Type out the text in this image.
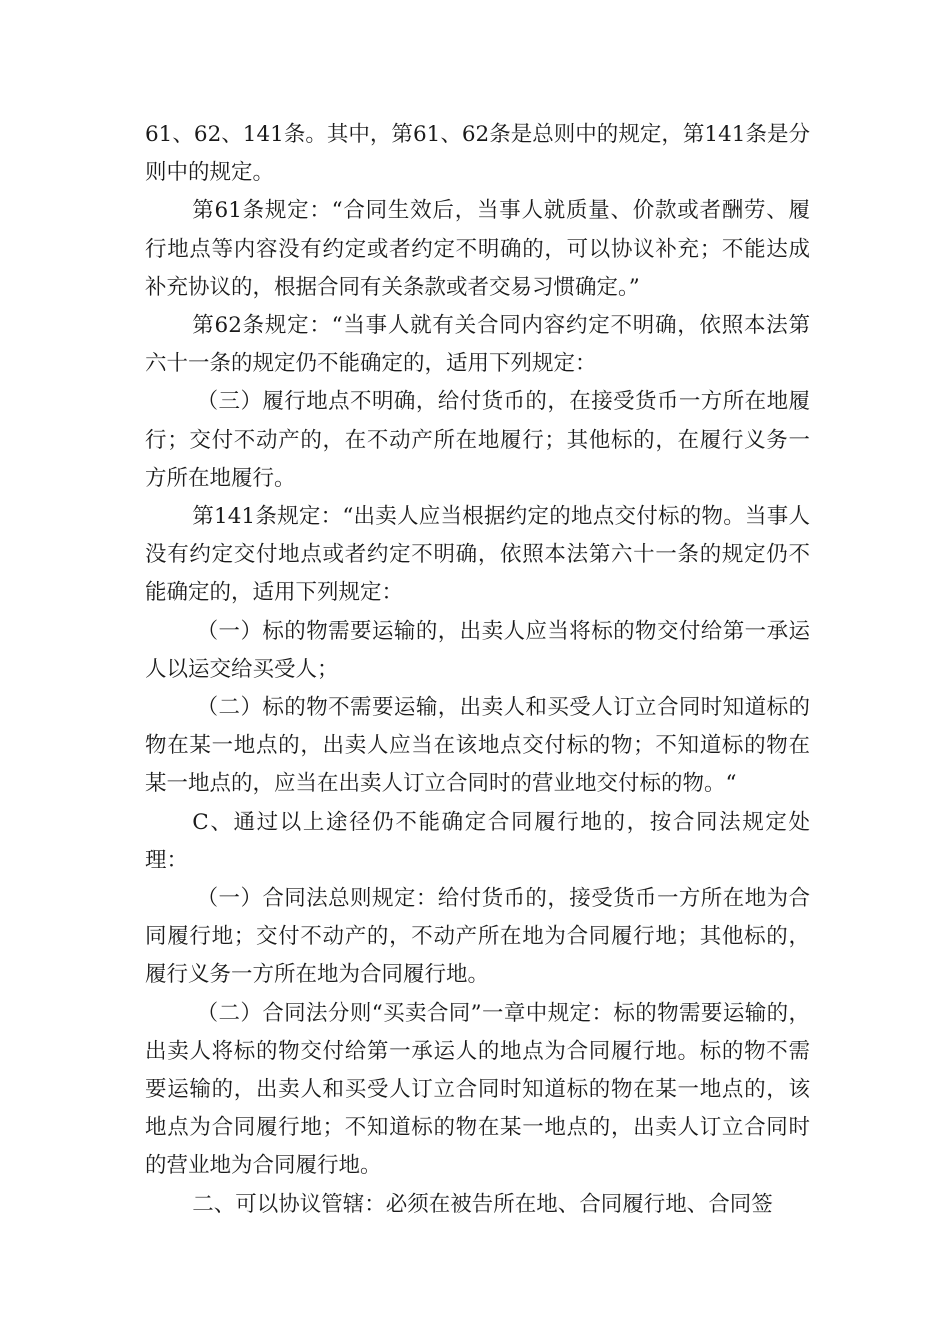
61、62、141条。其中，第61、62条是总则中的规定，第141条是分则中的规定。

第61条规定：“合同生效后，当事人就质量、价款或者酬劳、履行地点等内容没有约定或者约定不明确的，可以协议补充；不能达成补充协议的，根据合同有关条款或者交易习惯确定。”

第62条规定：“当事人就有关合同内容约定不明确，依照本法第六十一条的规定仍不能确定的，适用下列规定：

（三）履行地点不明确，给付货币的，在接受货币一方所在地履行；交付不动产的，在不动产所在地履行；其他标的，在履行义务一方所在地履行。

第141条规定：“出卖人应当根据约定的地点交付标的物。当事人没有约定交付地点或者约定不明确，依照本法第六十一条的规定仍不能确定的，适用下列规定：

（一）标的物需要运输的，出卖人应当将标的物交付给第一承运人以运交给买受人；

（二）标的物不需要运输，出卖人和买受人订立合同时知道标的物在某一地点的，出卖人应当在该地点交付标的物；不知道标的物在某一地点的，应当在出卖人订立合同时的营业地交付标的物。“

C、通过以上途径仍不能确定合同履行地的，按合同法规定处理：

（一）合同法总则规定：给付货币的，接受货币一方所在地为合同履行地；交付不动产的，不动产所在地为合同履行地；其他标的，履行义务一方所在地为合同履行地。

（二）合同法分则“买卖合同”一章中规定：标的物需要运输的，出卖人将标的物交付给第一承运人的地点为合同履行地。标的物不需要运输的，出卖人和买受人订立合同时知道标的物在某一地点的，该地点为合同履行地；不知道标的物在某一地点的，出卖人订立合同时的营业地为合同履行地。

二、可以协议管辖：必须在被告所在地、合同履行地、合同签
